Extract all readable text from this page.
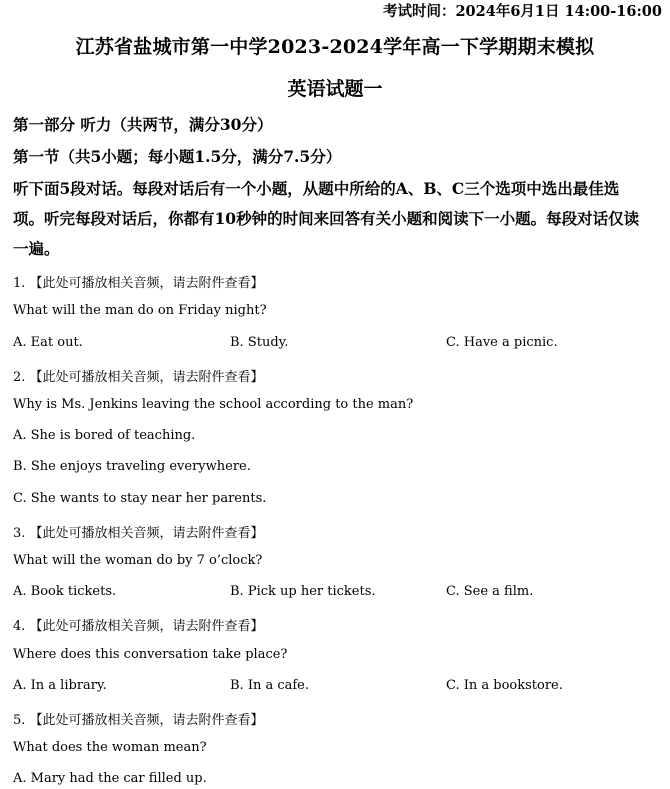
考试时间：2024年6月1日 14:00-16:00
江苏省盐城市第一中学2023-2024学年高一下学期期末模拟
英语试题一
第一部分 听力（共两节，满分30分）
第一节（共5小题；每小题1.5分，满分7.5分）
听下面5段对话。每段对话后有一个小题，从题中所给的A、B、C三个选项中选出最佳选
项。听完每段对话后，你都有10秒钟的时间来回答有关小题和阅读下一小题。每段对话仅读
一遍。
1. 【此处可播放相关音频，请去附件查看】
What will the man do on Friday night?
A. Eat out.	B. Study.	C. Have a picnic.
2. 【此处可播放相关音频，请去附件查看】
Why is Ms. Jenkins leaving the school according to the man?
A. She is bored of teaching.
B. She enjoys traveling everywhere.
C. She wants to stay near her parents.
3. 【此处可播放相关音频，请去附件查看】
What will the woman do by 7 o’clock?
A. Book tickets.	B. Pick up her tickets.	C. See a film.
4. 【此处可播放相关音频，请去附件查看】
Where does this conversation take place?
A. In a library.	B. In a cafe.	C. In a bookstore.
5. 【此处可播放相关音频，请去附件查看】
What does the woman mean?
A. Mary had the car filled up.
